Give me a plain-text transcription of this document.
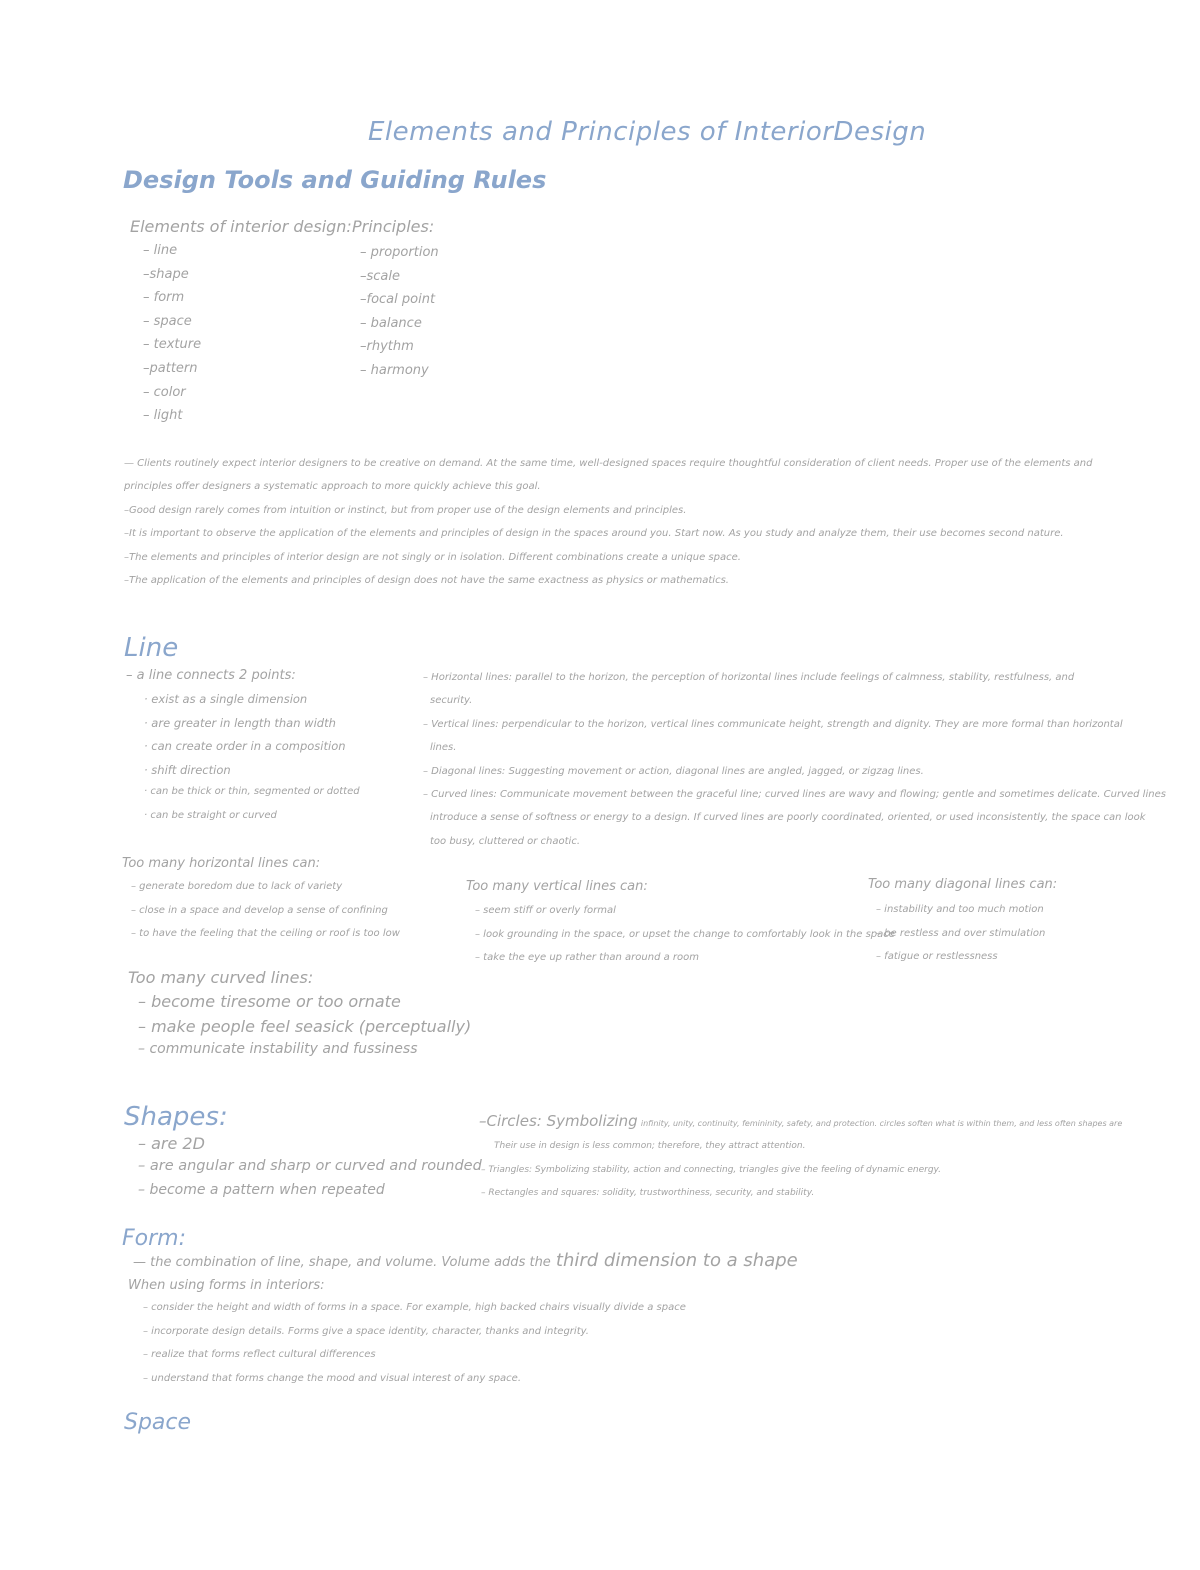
Elements and Principles of InteriorDesign
Design Tools and Guiding Rules
Elements of interior design:
– line
–shape
– form
– space
– texture
–pattern
– color
– light
Principles:
– proportion
–scale
–focal point
– balance
–rhythm
– harmony

— Clients routinely expect interior designers to be creative on demand. At the same time, well-designed spaces require thoughtful consideration of client needs. Proper use of the elements and

principles offer designers a systematic approach to more quickly achieve this goal.

–Good design rarely comes from intuition or instinct, but from proper use of the design elements and principles.

–It is important to observe the application of the elements and principles of design in the spaces around you. Start now. As you study and analyze them, their use becomes second nature.

–The elements and principles of interior design are not singly or in isolation. Different combinations create a unique space.

–The application of the elements and principles of design does not have the same exactness as physics or mathematics.

Line

– a line connects 2 points:

· exist as a single dimension

· are greater in length than width

· can create order in a composition

· shift direction

· can be thick or thin, segmented or dotted

· can be straight or curved

– Horizontal lines: parallel to the horizon, the perception of horizontal lines include feelings of calmness, stability, restfulness, and

security.

– Vertical lines: perpendicular to the horizon, vertical lines communicate height, strength and dignity. They are more formal than horizontal

lines.

– Diagonal lines: Suggesting movement or action, diagonal lines are angled, jagged, or zigzag lines.

– Curved lines: Communicate movement between the graceful line; curved lines are wavy and flowing; gentle and sometimes delicate. Curved lines

introduce a sense of softness or energy to a design. If curved lines are poorly coordinated, oriented, or used inconsistently, the space can look

too busy, cluttered or chaotic.

Too many horizontal lines can:

– generate boredom due to lack of variety

– close in a space and develop a sense of confining

– to have the feeling that the ceiling or roof is too low

Too many vertical lines can:

– seem stiff or overly formal

– look grounding in the space, or upset the change to comfortably look in the space

– take the eye up rather than around a room

Too many diagonal lines can:

– instability and too much motion

– be restless and over stimulation

– fatigue or restlessness

Too many curved lines:

– become tiresome or too ornate

– make people feel seasick (perceptually)

– communicate instability and fussiness

Shapes:

– are 2D

– are angular and sharp or curved and rounded

– become a pattern when repeated

–Circles: Symbolizing infinity, unity, continuity, femininity, safety, and protection. circles soften what is within them, and less often shapes are
Their use in design is less common; therefore, they attract attention.
– Triangles: Symbolizing stability, action and connecting, triangles give the feeling of dynamic energy.
– Rectangles and squares: solidity, trustworthiness, security, and stability.
Form:
— the combination of line, shape, and volume. Volume adds the third dimension to a shape
When using forms in interiors:

– consider the height and width of forms in a space. For example, high backed chairs visually divide a space

– incorporate design details. Forms give a space identity, character, thanks and integrity.

– realize that forms reflect cultural differences

– understand that forms change the mood and visual interest of any space.

Space
